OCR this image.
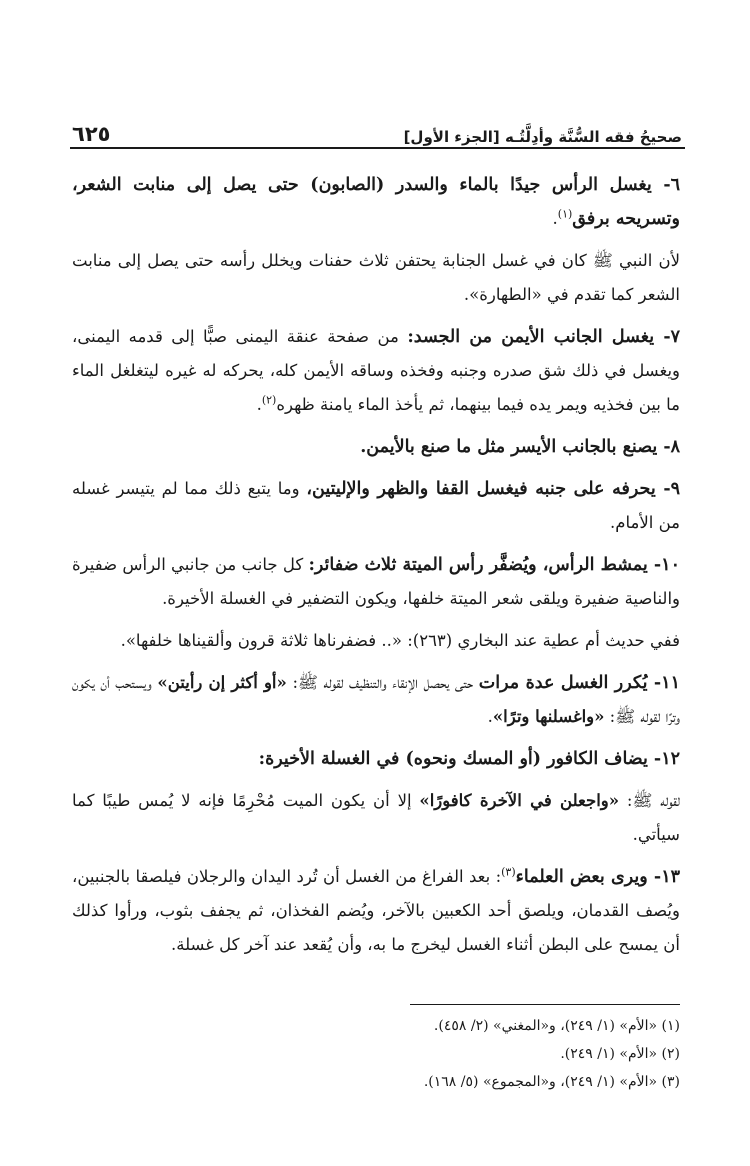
٦٢٥	صحيحُ فقه السُّنَّة وأدِلَّتُـه [الجزء الأول]

٦- يغسل الرأس جيدًا بالماء والسدر (الصابون) حتى يصل إلى منابت الشعر، وتسريحه برفق$^{(١)}$.

لأن النبي ﷺ كان في غسل الجنابة يحتفن ثلاث حفنات ويخلل رأسه حتى يصل إلى منابت الشعر كما تقدم في «الطهارة».

٧- يغسل الجانب الأيمن من الجسد: من صفحة عنقة اليمنى صبًّا إلى قدمه اليمنى، ويغسل في ذلك شق صدره وجنبه وفخذه وساقه الأيمن كله، يحركه له غيره ليتغلغل الماء ما بين فخذيه ويمر يده فيما بينهما، ثم يأخذ الماء يامنة ظهره$^{(٢)}$.

٨- يصنع بالجانب الأيسر مثل ما صنع بالأيمن.

٩- يحرفه على جنبه فيغسل القفا والظهر والإليتين، وما يتبع ذلك مما لم يتيسر غسله من الأمام.

١٠- يمشط الرأس، ويُضفَّر رأس الميتة ثلاث ضفائر: كل جانب من جانبي الرأس ضفيرة والناصية ضفيرة ويلقى شعر الميتة خلفها، ويكون التضفير في الغسلة الأخيرة.

ففي حديث أم عطية عند البخاري (٢٦٣): «.. فضفرناها ثلاثة قرون وألقيناها خلفها».

١١- يُكرر الغسل عدة مرات حتى يحصل الإنقاء والتنظيف لقوله ﷺ: «أو أكثر إن رأيتن» ويستحب أن يكون وترًا لقوله ﷺ: «واغسلنها وترًا».

١٢- يضاف الكافور (أو المسك ونحوه) في الغسلة الأخيرة:

لقوله ﷺ: «واجعلن في الآخرة كافورًا» إلا أن يكون الميت مُحْرِمًا فإنه لا يُمس طيبًا كما سيأتي.

١٣- ويرى بعض العلماء$^{(٣)}$: بعد الفراغ من الغسل أن تُرد اليدان والرجلان فيلصقا بالجنبين، ويُصف القدمان، ويلصق أحد الكعبين بالآخر، ويُضم الفخذان، ثم يجفف بثوب، ورأوا كذلك أن يمسح على البطن أثناء الغسل ليخرج ما به، وأن يُقعد عند آخر كل غسلة.

(١) «الأم» (١/ ٢٤٩)، و«المغني» (٢/ ٤٥٨).
(٢) «الأم» (١/ ٢٤٩).
(٣) «الأم» (١/ ٢٤٩)، و«المجموع» (٥/ ١٦٨).
